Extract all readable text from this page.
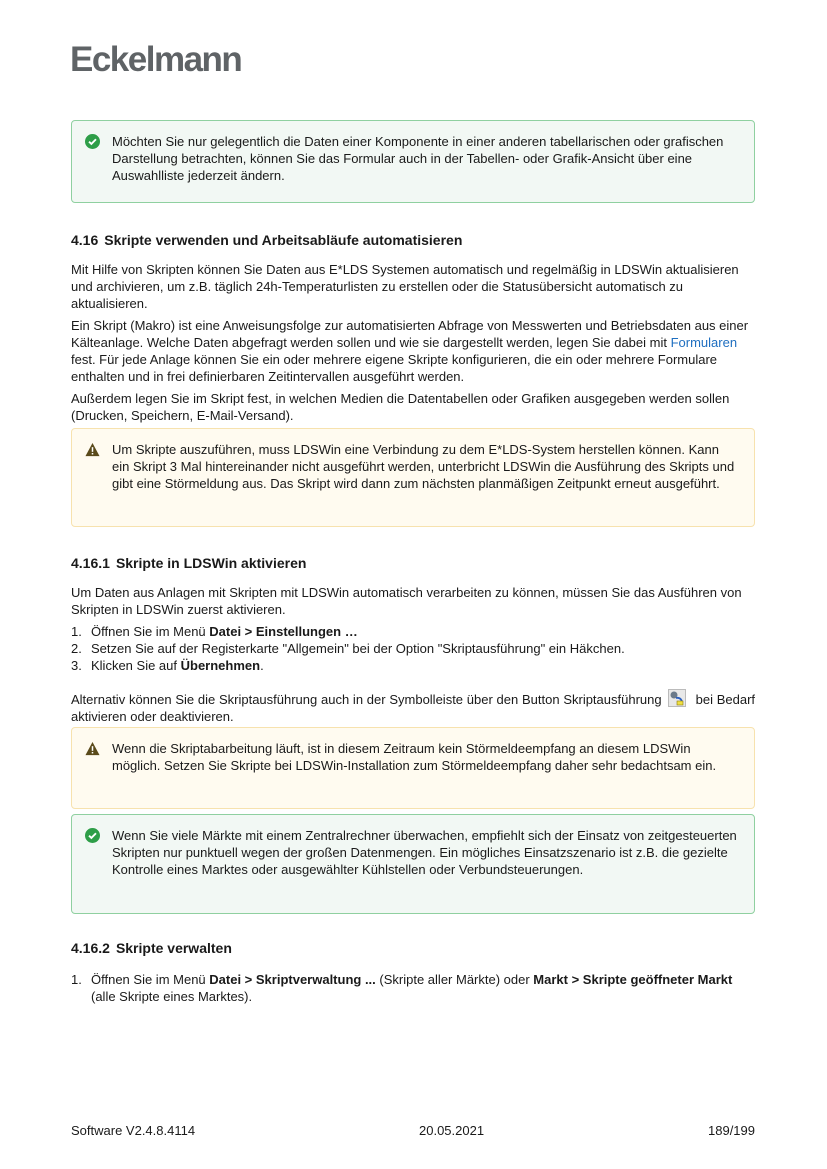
Eckelmann

Möchten Sie nur gelegentlich die Daten einer Komponente in einer anderen tabellarischen oder grafischen Darstellung betrachten, können Sie das Formular auch in der Tabellen- oder Grafik-Ansicht über eine Auswahlliste jederzeit ändern.

4.16 Skripte verwenden und Arbeitsabläufe automatisieren

Mit Hilfe von Skripten können Sie Daten aus E*LDS Systemen automatisch und regelmäßig in LDSWin aktualisieren und archivieren, um z.B. täglich 24h-Temperaturlisten zu erstellen oder die Statusübersicht automatisch zu aktualisieren.

Ein Skript (Makro) ist eine Anweisungsfolge zur automatisierten Abfrage von Messwerten und Betriebsdaten aus einer Kälteanlage. Welche Daten abgefragt werden sollen und wie sie dargestellt werden, legen Sie dabei mit Formularen fest. Für jede Anlage können Sie ein oder mehrere eigene Skripte konfigurieren, die ein oder mehrere Formulare enthalten und in frei definierbaren Zeitintervallen ausgeführt werden.

Außerdem legen Sie im Skript fest, in welchen Medien die Datentabellen oder Grafiken ausgegeben werden sollen (Drucken, Speichern, E-Mail-Versand).

Um Skripte auszuführen, muss LDSWin eine Verbindung zu dem E*LDS-System herstellen können. Kann ein Skript 3 Mal hintereinander nicht ausgeführt werden, unterbricht LDSWin die Ausführung des Skripts und gibt eine Störmeldung aus. Das Skript wird dann zum nächsten planmäßigen Zeitpunkt erneut ausgeführt.

4.16.1 Skripte in LDSWin aktivieren

Um Daten aus Anlagen mit Skripten mit LDSWin automatisch verarbeiten zu können, müssen Sie das Ausführen von Skripten in LDSWin zuerst aktivieren.

1. Öffnen Sie im Menü Datei > Einstellungen …
2. Setzen Sie auf der Registerkarte "Allgemein" bei der Option "Skriptausführung" ein Häkchen.
3. Klicken Sie auf Übernehmen.

Alternativ können Sie die Skriptausführung auch in der Symbolleiste über den Button Skriptausführung	bei Bedarf aktivieren oder deaktivieren.

Wenn die Skriptabarbeitung läuft, ist in diesem Zeitraum kein Störmeldeempfang an diesem LDSWin möglich. Setzen Sie Skripte bei LDSWin-Installation zum Störmeldeempfang daher sehr bedachtsam ein.

Wenn Sie viele Märkte mit einem Zentralrechner überwachen, empfiehlt sich der Einsatz von zeitgesteuerten Skripten nur punktuell wegen der großen Datenmengen. Ein mögliches Einsatzszenario ist z.B. die gezielte Kontrolle eines Marktes oder ausgewählter Kühlstellen oder Verbundsteuerungen.

4.16.2 Skripte verwalten
1. Öffnen Sie im Menü Datei > Skriptverwaltung ... (Skripte aller Märkte) oder Markt > Skripte geöffneter Markt (alle Skripte eines Marktes).
Software V2.4.8.4114	20.05.2021	189/199
